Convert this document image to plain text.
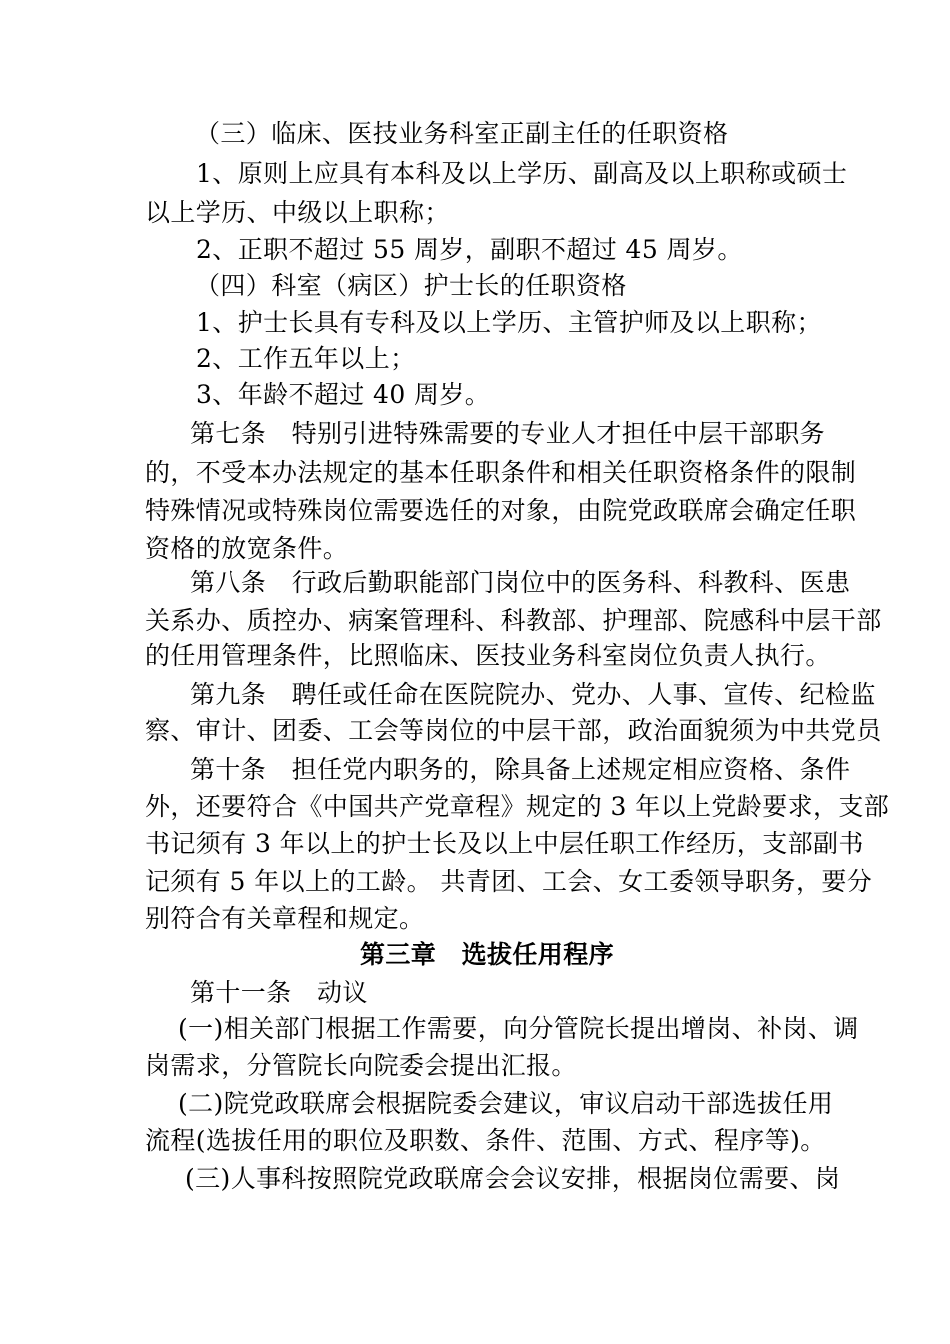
（三）临床、医技业务科室正副主任的任职资格
1、原则上应具有本科及以上学历、副高及以上职称或硕士
以上学历、中级以上职称；
2、正职不超过 55 周岁，副职不超过 45 周岁。
（四）科室（病区）护士长的任职资格
1、护士长具有专科及以上学历、主管护师及以上职称；
2、工作五年以上；
3、年龄不超过 40 周岁。
第七条　特别引进特殊需要的专业人才担任中层干部职务
的，不受本办法规定的基本任职条件和相关任职资格条件的限制
特殊情况或特殊岗位需要选任的对象，由院党政联席会确定任职
资格的放宽条件。
第八条　行政后勤职能部门岗位中的医务科、科教科、医患
关系办、质控办、病案管理科、科教部、护理部、院感科中层干部
的任用管理条件，比照临床、医技业务科室岗位负责人执行。
第九条　聘任或任命在医院院办、党办、人事、宣传、纪检监
察、审计、团委、工会等岗位的中层干部，政治面貌须为中共党员
第十条　担任党内职务的，除具备上述规定相应资格、条件
外，还要符合《中国共产党章程》规定的 3 年以上党龄要求，支部
书记须有 3 年以上的护士长及以上中层任职工作经历，支部副书
记须有 5 年以上的工龄。 共青团、工会、女工委领导职务，要分
别符合有关章程和规定。
第三章　选拔任用程序
第十一条　动议
(一)相关部门根据工作需要，向分管院长提出增岗、补岗、调
岗需求，分管院长向院委会提出汇报。
(二)院党政联席会根据院委会建议，审议启动干部选拔任用
流程(选拔任用的职位及职数、条件、范围、方式、程序等)。
(三)人事科按照院党政联席会会议安排，根据岗位需要、岗
